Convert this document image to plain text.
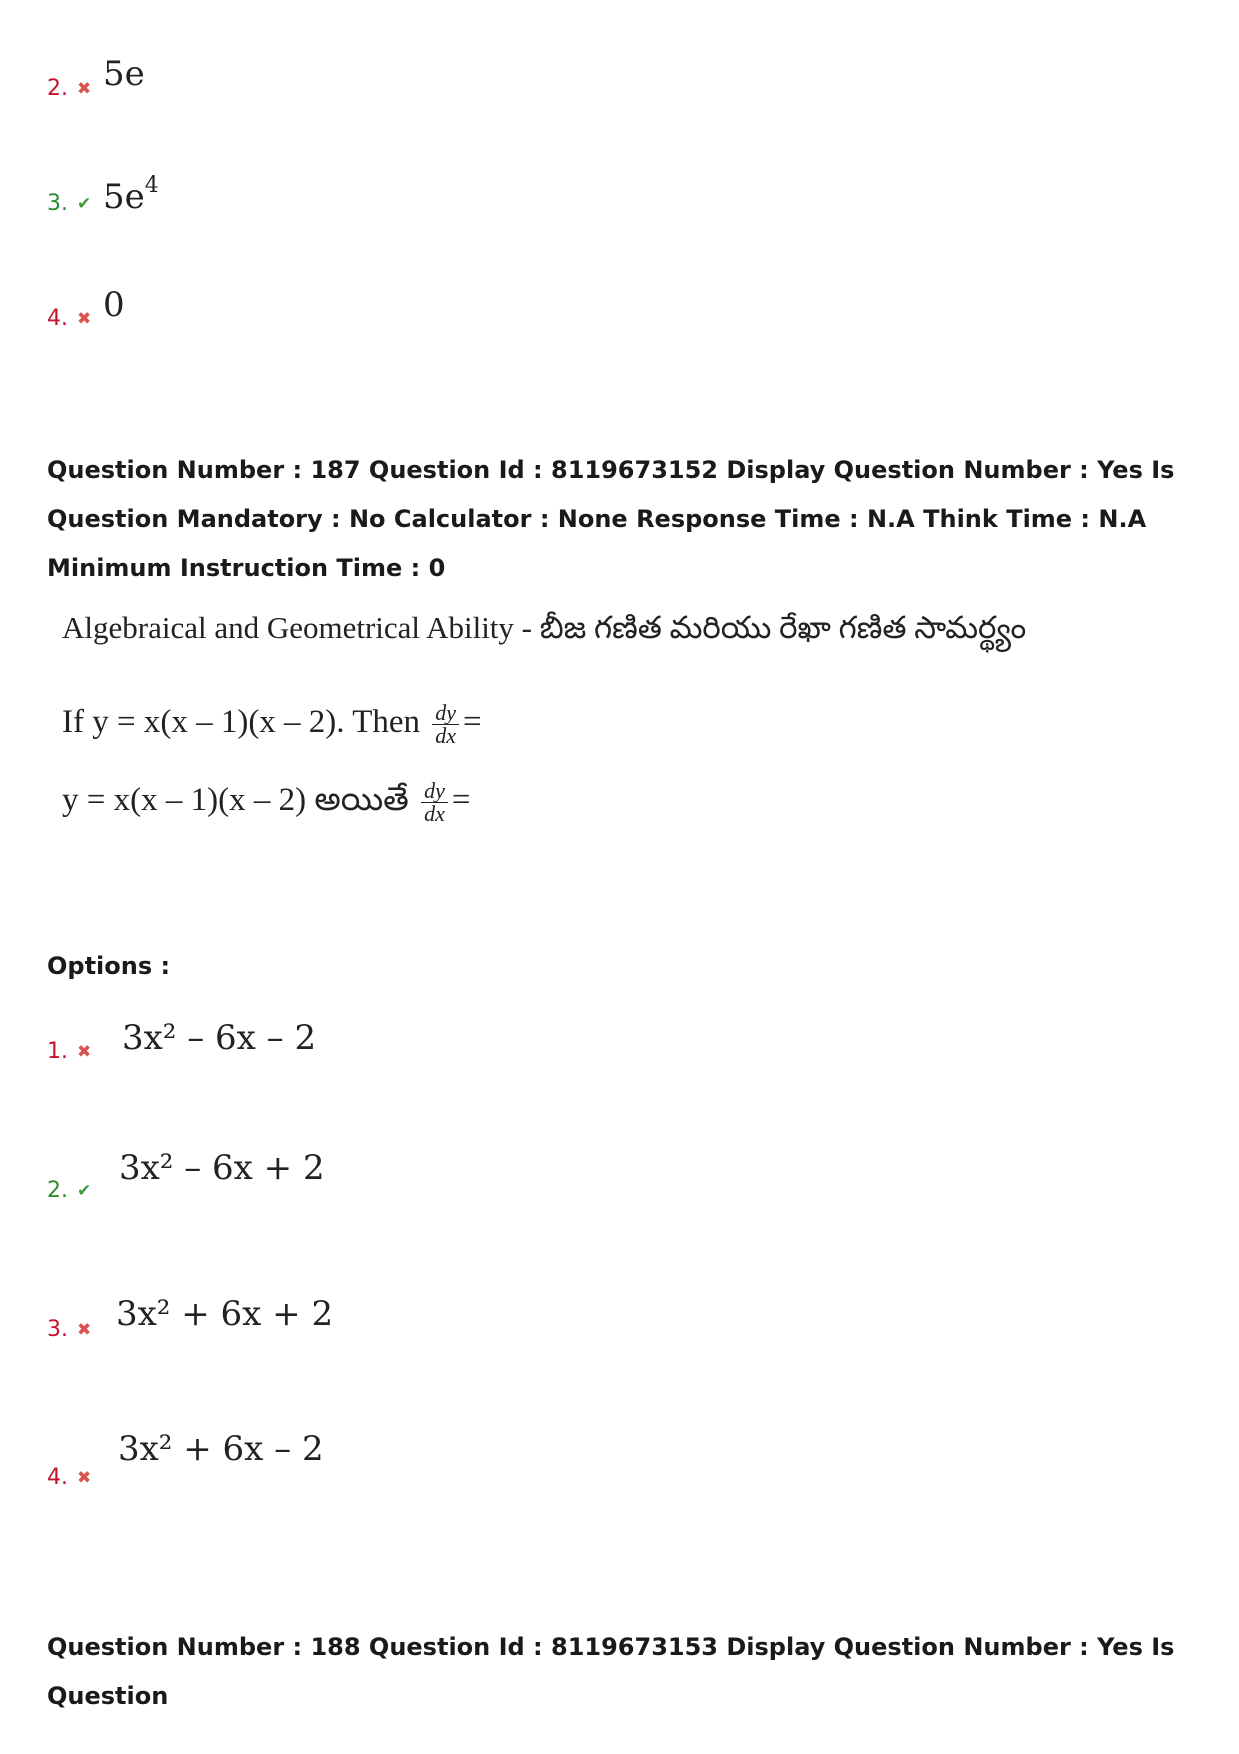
2. ✖ 5e
3. ✔ $5e^4$
4. ✖ 0
Question Number : 187 Question Id : 8119673152 Display Question Number : Yes Is Question Mandatory : No Calculator : None Response Time : N.A Think Time : N.A Minimum Instruction Time : 0
Algebraical and Geometrical Ability - బీజ గణిత మరియు రేఖా గణిత సామర్థ్యం
If y = x(x – 1)(x – 2). Then $\frac{dy}{dx}$ =
y = x(x – 1)(x – 2) అయితే $\frac{dy}{dx}$ =
Options :
1. ✖ 3x² – 6x – 2
2. ✔
3x² – 6x + 2
3. ✖ 3x² + 6x + 2
4. ✖
3x² + 6x – 2
Question Number : 188 Question Id : 8119673153 Display Question Number : Yes Is Question
